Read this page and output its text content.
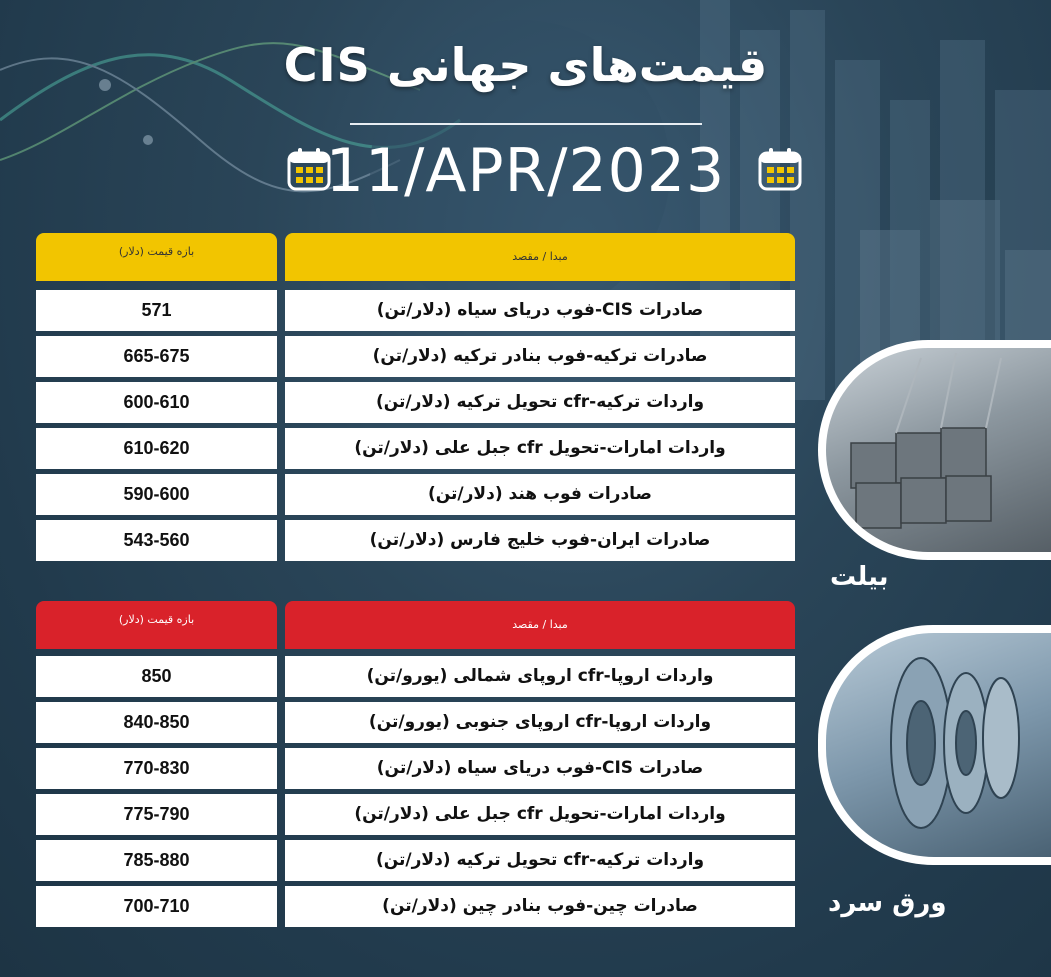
قیمت‌های جهانی CIS
11/APR/2023
بازه قیمت (دلار)	مبدا / مقصد
571	صادرات CIS-فوب دریای سیاه (دلار/تن)
665-675	صادرات ترکیه-فوب بنادر ترکیه (دلار/تن)
600-610	واردات ترکیه-cfr تحویل ترکیه (دلار/تن)
610-620	واردات امارات-تحویل cfr جبل علی (دلار/تن)
590-600	صادرات فوب هند (دلار/تن)
543-560	صادرات ایران-فوب خلیج فارس (دلار/تن)
بازه قیمت (دلار)	مبدا / مقصد
850	واردات اروپا-cfr اروپای شمالی (یورو/تن)
840-850	واردات اروپا-cfr اروپای جنوبی (یورو/تن)
770-830	صادرات CIS-فوب دریای سیاه (دلار/تن)
775-790	واردات امارات-تحویل cfr جبل علی (دلار/تن)
785-880	واردات ترکیه-cfr تحویل ترکیه (دلار/تن)
700-710	صادرات چین-فوب بنادر چین (دلار/تن)
بیلت
ورق سرد
